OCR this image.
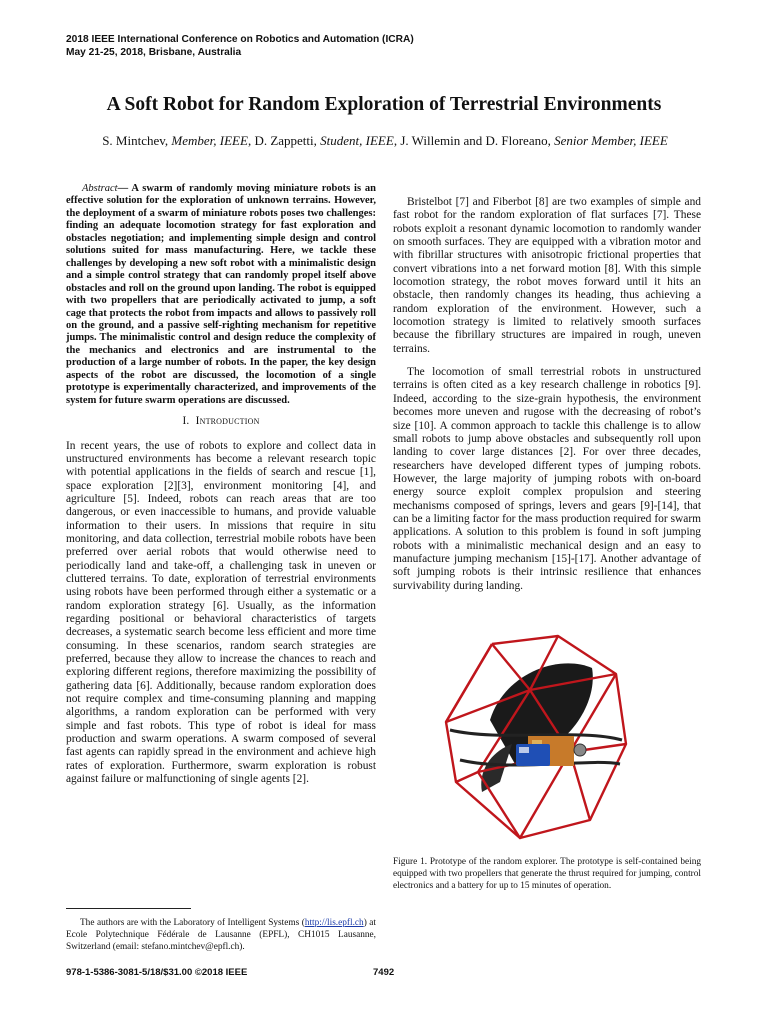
2018 IEEE International Conference on Robotics and Automation (ICRA)
May 21-25, 2018, Brisbane, Australia
A Soft Robot for Random Exploration of Terrestrial Environments
S. Mintchev, Member, IEEE, D. Zappetti, Student, IEEE, J. Willemin and D. Floreano, Senior Member, IEEE

Abstract— A swarm of randomly moving miniature robots is an effective solution for the exploration of unknown terrains. However, the deployment of a swarm of miniature robots poses two challenges: finding an adequate locomotion strategy for fast exploration and obstacles negotiation; and implementing simple design and control solutions suited for mass manufacturing. Here, we tackle these challenges by developing a new soft robot with a minimalistic design and a simple control strategy that can randomly propel itself above obstacles and roll on the ground upon landing. The robot is equipped with two propellers that are periodically activated to jump, a soft cage that protects the robot from impacts and allows to passively roll on the ground, and a passive self-righting mechanism for repetitive jumps. The minimalistic control and design reduce the complexity of the mechanics and electronics and are instrumental to the production of a large number of robots. In the paper, the key design aspects of the robot are discussed, the locomotion of a single prototype is experimentally characterized, and improvements of the system for future swarm operations are discussed.

I. Introduction

In recent years, the use of robots to explore and collect data in unstructured environments has become a relevant research topic with potential applications in the fields of search and rescue [1], space exploration [2][3], environment monitoring [4], and agriculture [5]. Indeed, robots can reach areas that are too dangerous, or even inaccessible to humans, and provide valuable information to their users. In missions that require in situ monitoring, and data collection, terrestrial mobile robots have been preferred over aerial robots that would otherwise need to periodically land and take-off, a challenging task in uneven or cluttered terrains. To date, exploration of terrestrial environments using robots have been performed through either a systematic or a random exploration strategy [6]. Usually, as the information regarding positional or behavioral characteristics of targets decreases, a systematic search become less efficient and more time consuming. In these scenarios, random search strategies are preferred, because they allow to increase the chances to reach and exploring different regions, therefore maximizing the possibility of gathering data [6]. Additionally, because random exploration does not require complex and time-consuming planning and mapping algorithms, a random exploration can be performed with very simple and fast robots. This type of robot is ideal for mass production and swarm operations. A swarm composed of several fast agents can rapidly spread in the environment and achieve high rates of exploration. Furthermore, swarm exploration is robust against failure or malfunctioning of single agents [2].

Bristelbot [7] and Fiberbot [8] are two examples of simple and fast robot for the random exploration of flat surfaces [7]. These robots exploit a resonant dynamic locomotion to randomly wander on smooth surfaces. They are equipped with a vibration motor and with fibrillar structures with anisotropic frictional properties that convert vibrations into a net forward motion [8]. With this simple locomotion strategy, the robot moves forward until it hits an obstacle, then randomly changes its heading, thus achieving a random exploration of the environment. However, such a locomotion strategy is limited to relatively smooth surfaces because the fibrillary structures are impaired in rough, uneven terrains.

The locomotion of small terrestrial robots in unstructured terrains is often cited as a key research challenge in robotics [9]. Indeed, according to the size-grain hypothesis, the environment becomes more uneven and rugose with the decreasing of robot’s size [10]. A common approach to tackle this challenge is to allow small robots to jump above obstacles and subsequently roll upon landing to cover large distances [2]. For over three decades, researchers have developed different types of jumping robots. However, the large majority of jumping robots with on-board energy source exploit complex propulsion and steering mechanisms composed of springs, levers and gears [9]-[14], that can be a limiting factor for the mass production required for swarm applications. A solution to this problem is found in soft jumping robots with a minimalistic mechanical design and an easy to manufacture jumping mechanism [15]-[17]. Another advantage of soft jumping robots is their intrinsic resilience that enhances survivability during landing.

Figure 1. Prototype of the random explorer. The prototype is self-contained being equipped with two propellers that generate the thrust required for jumping, control electronics and a battery for up to 15 minutes of operation.
The authors are with the Laboratory of Intelligent Systems (http://lis.epfl.ch) at Ecole Polytechnique Fédérale de Lausanne (EPFL), CH1015 Lausanne, Switzerland (email: stefano.mintchev@epfl.ch).
978-1-5386-3081-5/18/$31.00 ©2018 IEEE	7492
